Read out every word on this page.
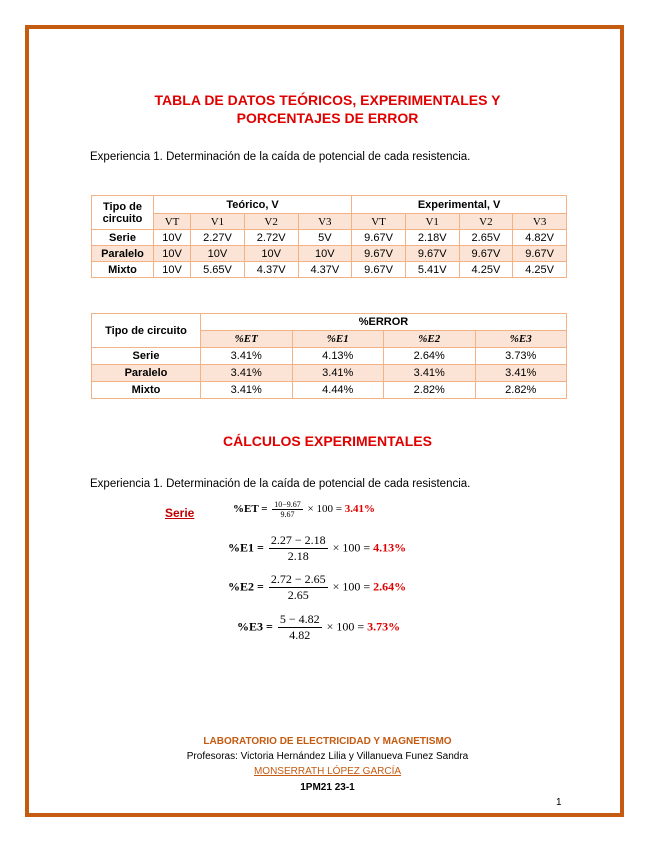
TABLA DE DATOS TEÓRICOS, EXPERIMENTALES Y
PORCENTAJES DE ERROR
Experiencia 1. Determinación de la caída de potencial de cada resistencia.
Tipo de
circuito	Teórico, V				Experimental, V			
	VT	V1	V2	V3	VT	V1	V2	V3
Serie	10V	2.27V	2.72V	5V	9.67V	2.18V	2.65V	4.82V
Paralelo	10V	10V	10V	10V	9.67V	9.67V	9.67V	9.67V
Mixto	10V	5.65V	4.37V	4.37V	9.67V	5.41V	4.25V	4.25V
Tipo de circuito	%ERROR			
	%ET	%E1	%E2	%E3
Serie	3.41%	4.13%	2.64%	3.73%
Paralelo	3.41%	3.41%	3.41%	3.41%
Mixto	3.41%	4.44%	2.82%	2.82%
CÁLCULOS EXPERIMENTALES
Experiencia 1. Determinación de la caída de potencial de cada resistencia.
Serie	$\%ET = \frac{10-9.67}{9.67} \times 100 = 3.41\%$
$\%E1 = \frac{2.27 - 2.18}{2.18} \times 100 = 4.13\%$
$\%E2 = \frac{2.72 - 2.65}{2.65} \times 100 = 2.64\%$
$\%E3 = \frac{5 - 4.82}{4.82} \times 100 = 3.73\%$
LABORATORIO DE ELECTRICIDAD Y MAGNETISMO
Profesoras: Victoria Hernández Lilia y Villanueva Funez Sandra
MONSERRATH LÓPEZ GARCÍA
1PM21 23-1
1
